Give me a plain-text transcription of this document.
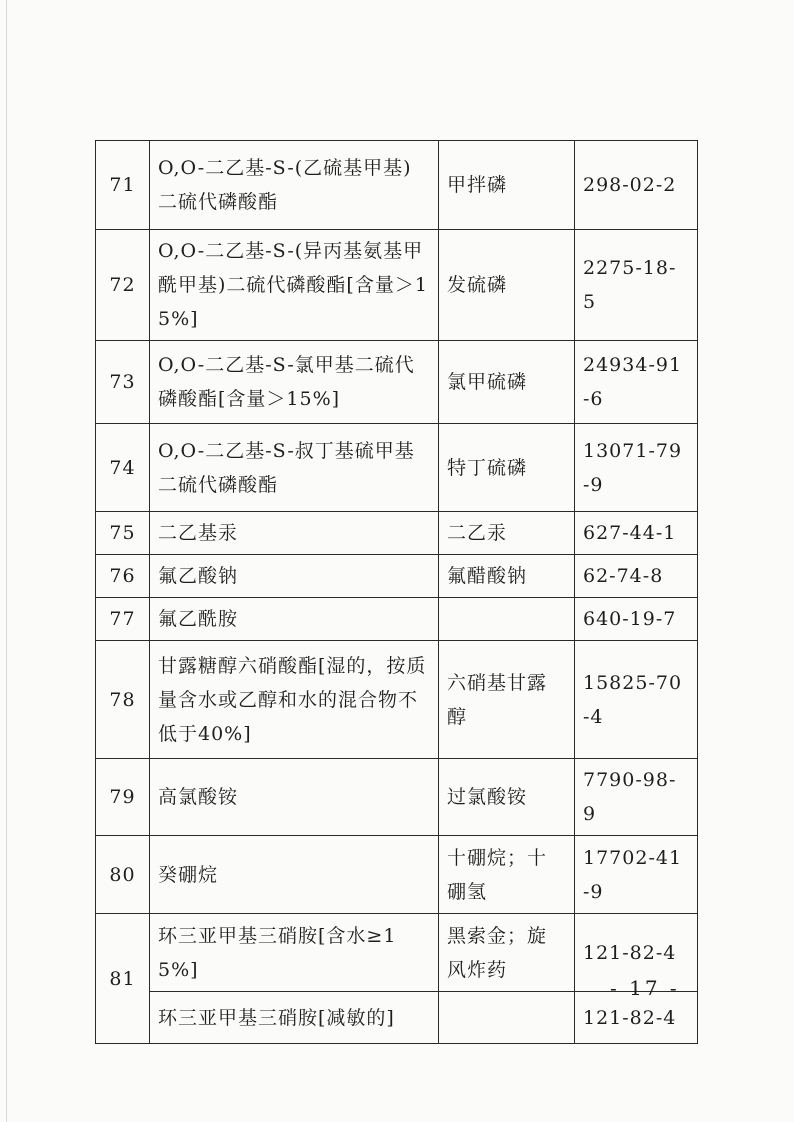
71	O,O-二乙基-S-(乙硫基甲基)二硫代磷酸酯	甲拌磷	298-02-2
72	O,O-二乙基-S-(异丙基氨基甲酰甲基)二硫代磷酸酯[含量＞15%]	发硫磷	2275-18-5
73	O,O-二乙基-S-氯甲基二硫代磷酸酯[含量＞15%]	氯甲硫磷	24934-91-6
74	O,O-二乙基-S-叔丁基硫甲基二硫代磷酸酯	特丁硫磷	13071-79-9
75	二乙基汞	二乙汞	627-44-1
76	氟乙酸钠	氟醋酸钠	62-74-8
77	氟乙酰胺		640-19-7
78	甘露糖醇六硝酸酯[湿的，按质量含水或乙醇和水的混合物不低于40%]	六硝基甘露醇	15825-70-4
79	高氯酸铵	过氯酸铵	7790-98-9
80	癸硼烷	十硼烷；十硼氢	17702-41-9
81	环三亚甲基三硝胺[含水≥15%]	黑索金；旋风炸药	121-82-4
	环三亚甲基三硝胺[减敏的]		121-82-4
- 17 -
